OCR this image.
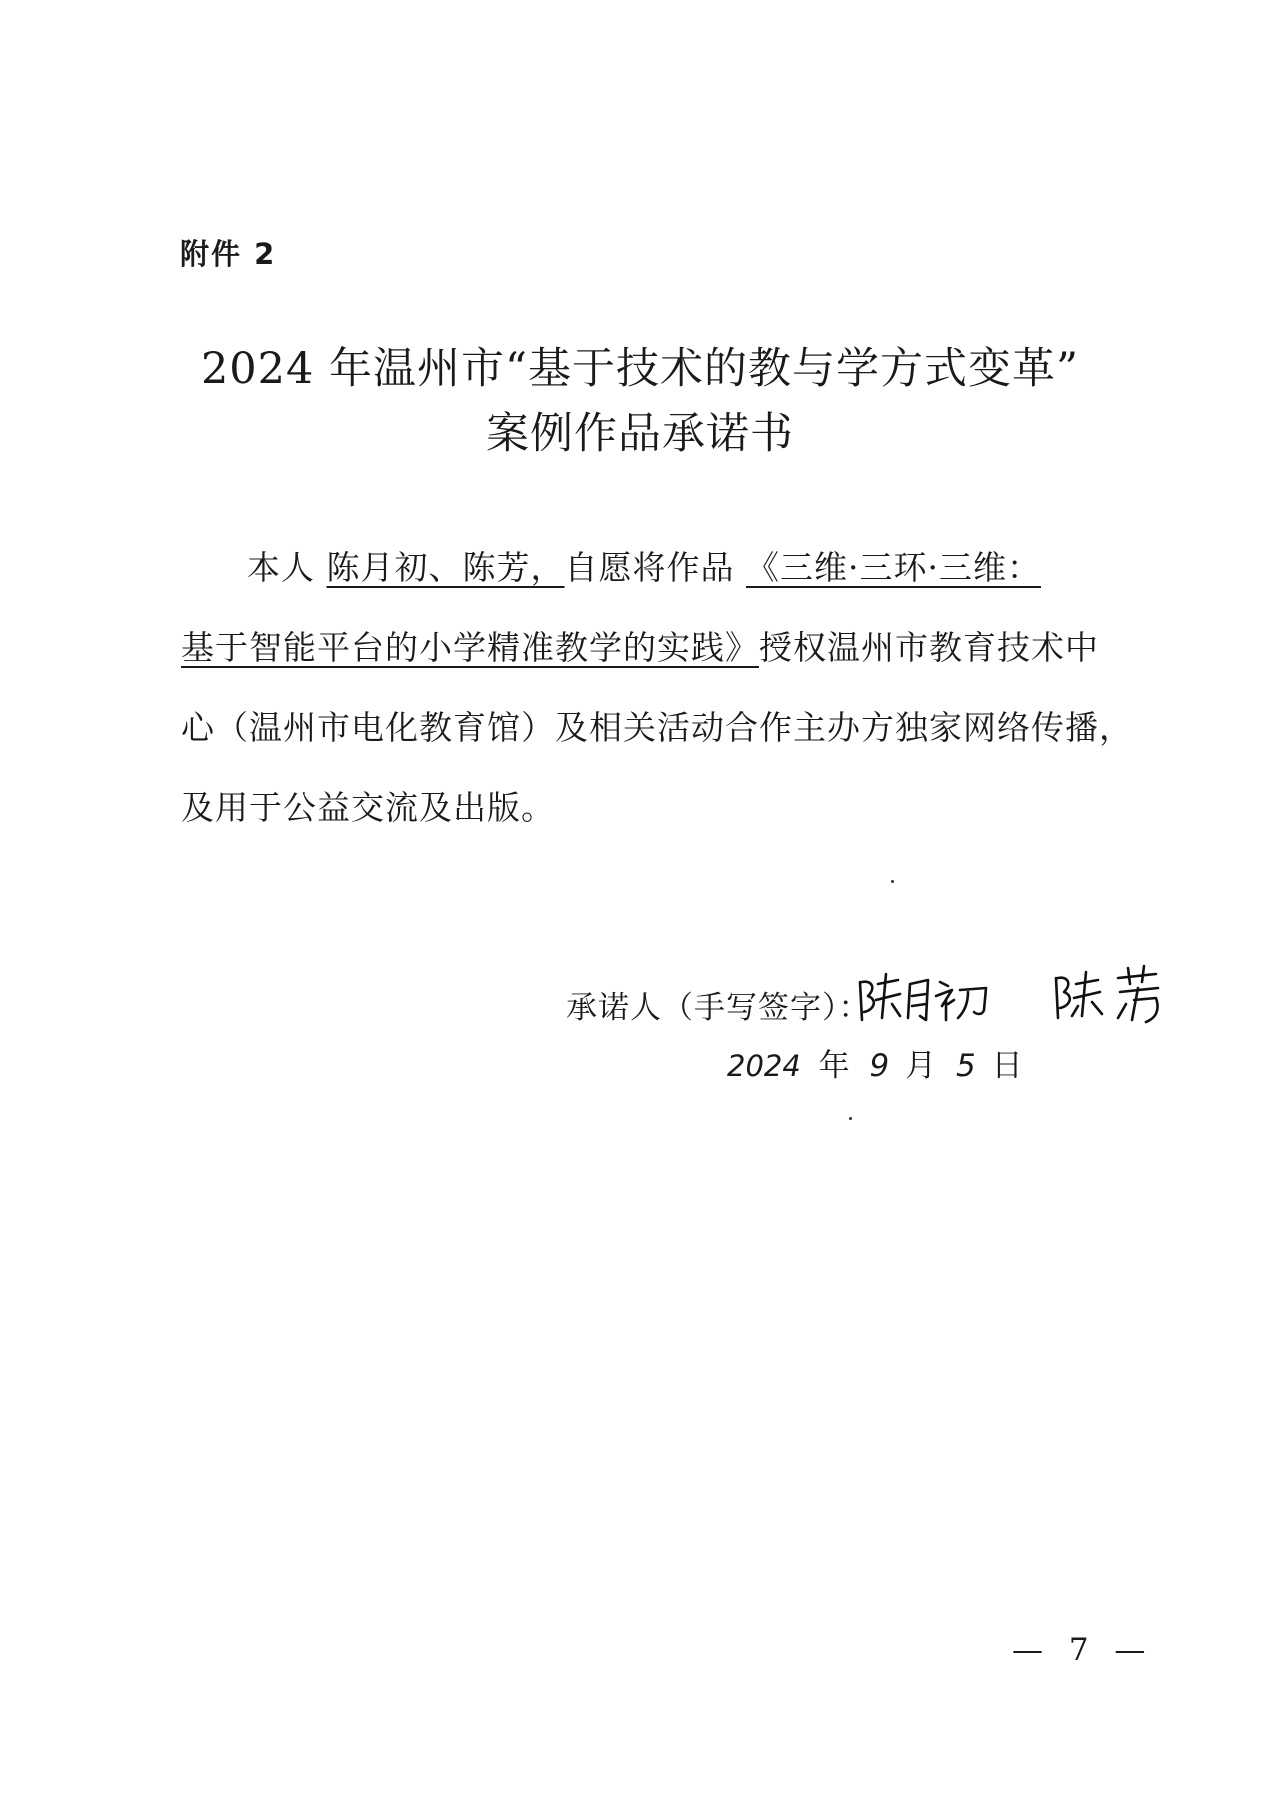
附件 2
2024 年温州市“基于技术的教与学方式变革”
案例作品承诺书
本人 陈月初、陈芳，自愿将作品 《三维·三环·三维：
基于智能平台的小学精准教学的实践》授权温州市教育技术中
心（温州市电化教育馆）及相关活动合作主办方独家网络传播，
及用于公益交流及出版。
承诺人（手写签字）：
2024 年 9 月 5 日
— 7 —
